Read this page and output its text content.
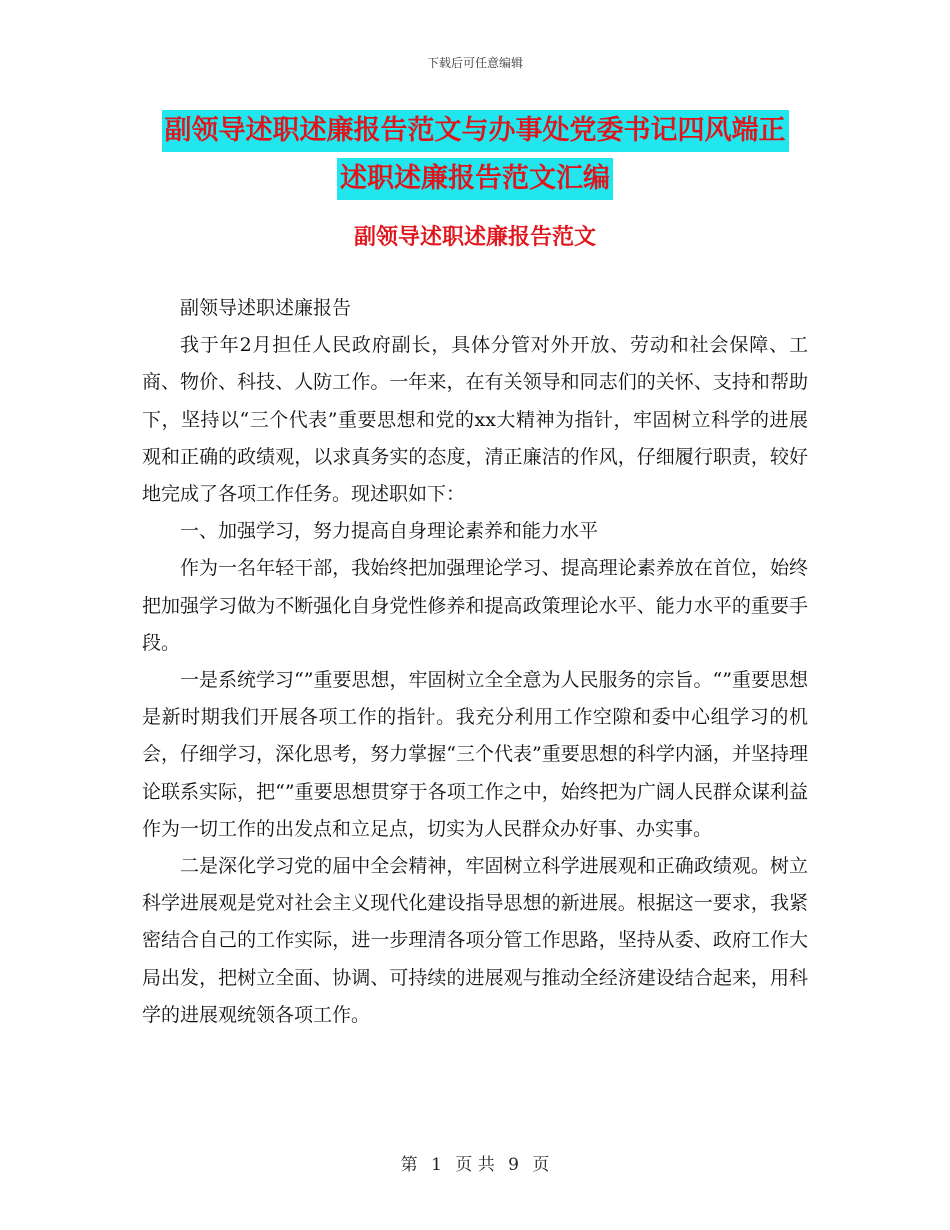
下载后可任意编辑
副领导述职述廉报告范文与办事处党委书记四风端正
述职述廉报告范文汇编
副领导述职述廉报告范文

副领导述职述廉报告

我于年2月担任人民政府副长，具体分管对外开放、劳动和社会保障、工商、物价、科技、人防工作。一年来，在有关领导和同志们的关怀、支持和帮助下，坚持以“三个代表”重要思想和党的xx大精神为指针，牢固树立科学的进展观和正确的政绩观，以求真务实的态度，清正廉洁的作风，仔细履行职责，较好地完成了各项工作任务。现述职如下：

一、加强学习，努力提高自身理论素养和能力水平

作为一名年轻干部，我始终把加强理论学习、提高理论素养放在首位，始终把加强学习做为不断强化自身党性修养和提高政策理论水平、能力水平的重要手段。

一是系统学习“”重要思想，牢固树立全全意为人民服务的宗旨。“”重要思想是新时期我们开展各项工作的指针。我充分利用工作空隙和委中心组学习的机会，仔细学习，深化思考，努力掌握“三个代表”重要思想的科学内涵，并坚持理论联系实际，把“”重要思想贯穿于各项工作之中，始终把为广阔人民群众谋利益作为一切工作的出发点和立足点，切实为人民群众办好事、办实事。

二是深化学习党的届中全会精神，牢固树立科学进展观和正确政绩观。树立科学进展观是党对社会主义现代化建设指导思想的新进展。根据这一要求，我紧密结合自己的工作实际，进一步理清各项分管工作思路，坚持从委、政府工作大局出发，把树立全面、协调、可持续的进展观与推动全经济建设结合起来，用科学的进展观统领各项工作。

第 1 页 共 9 页
